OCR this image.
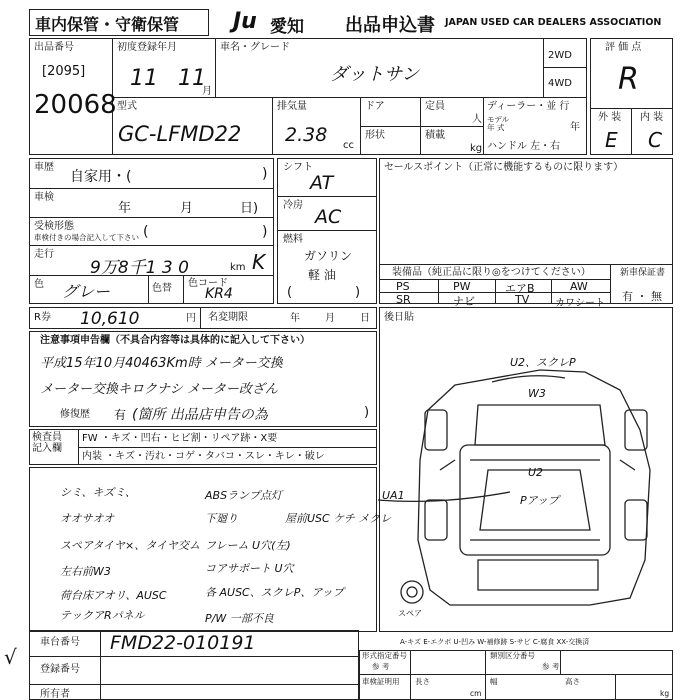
車内保管・守衛保管 Ju 愛知 出品申込書 JAPAN USED CAR DEALERS ASSOCIATION
出品番号
[2095]
20068
初度登録年月
11 11
月
車名・グレード
ダットサン
2WD
4WD
評 価 点
R
外 装 内 装
E C
型式
GC-LFMD22
排気量
2.38 cc
ドア	定員
人
形状	積載
kg
ディーラー・並 行
モデル
年 式	年
ハンドル 左・右
車歴
自家用・(	)
車検
年	月	日)
受検形態
車検付きの場合記入して下さい (	)
走行
9万8千1 3 0	km K
色 グレー	色替 色コード
KR4
シフト
AT
冷房
AC
燃料
ガソリン
軽 油
(	)
セールスポイント（正常に機能するものに限ります）
装備品（純正品に限り◎をつけてください）
PS	PW	エアB	AW
SR	ナビ	TV	カワシート
新車保証書
有 ・ 無
R券 10,610	円 名変期限	年	月	日
注意事項申告欄（不具合内容等は具体的に記入して下さい）
平成15年10月40463Km時 メーター交換
メーター交換キロクナシ メーター改ざん
修復歴 有 (箇所 出品店申告の為	)
後日貼
検査員
記入欄
FW ・キズ・凹右・ヒビ割・リペア跡・X要
内装 ・キズ・汚れ・コゲ・タバコ・スレ・キレ・破レ
シミ、キズミ、
オオサオオ
スペアタイヤ×、タイヤ交ム
左右前W3
荷台床アオリ、AUSC
テックアRパネル
ABSランプ点灯
下廻り	屋前USC ケチ メクレ
フレーム U穴(左)
コアサポート U穴
各 AUSC、スクレP、アップ
P/W 一部不良
U2、スクレP
W3
U2
Pアップ
UA1
スペア
A-キズ E-エクボ U-凹み W-補修跡 S-サビ C-腐食 XX-交換済
車台番号 FMD22-010191
登録番号
所有者
形式指定番号
参 考
類別区分番号
参 考
車検証明用 長さ
cm
幅	高さ
kg
√
